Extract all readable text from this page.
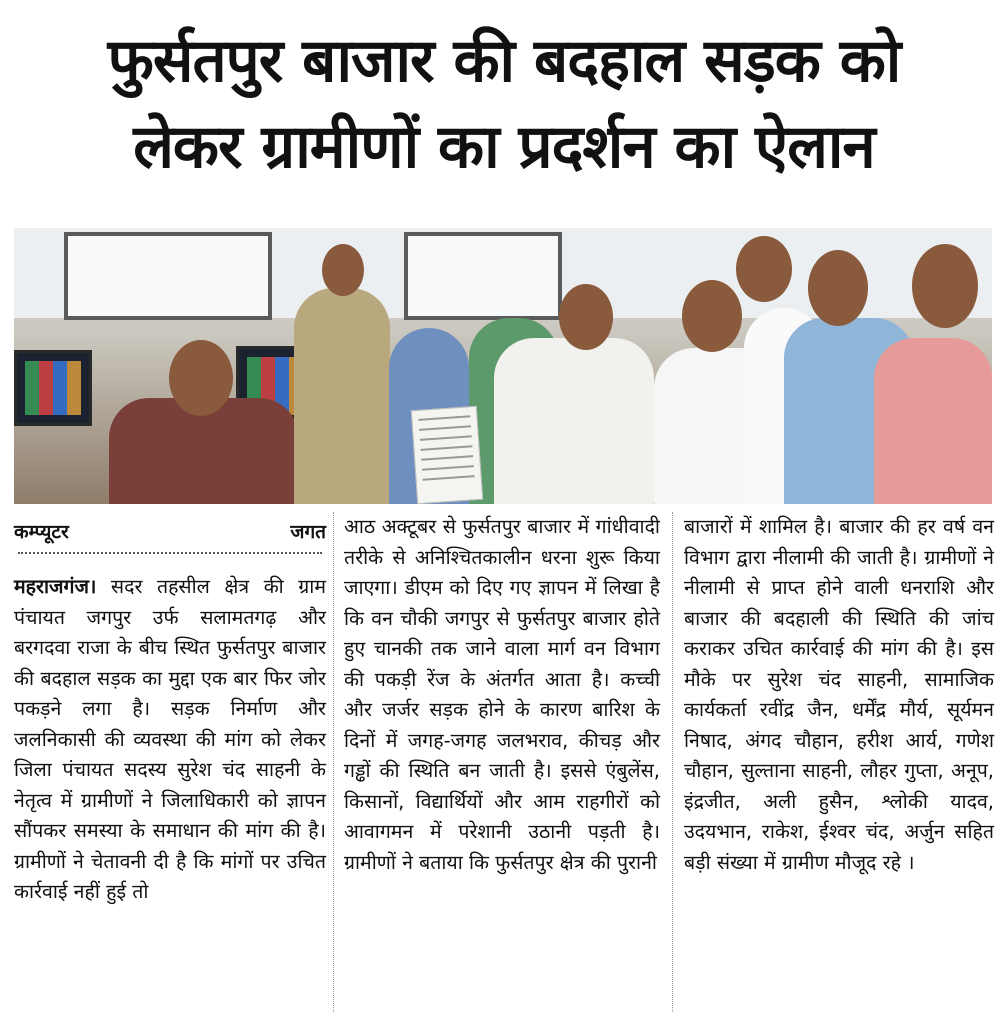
फुर्सतपुर बाजार की बदहाल सड़क को
लेकर ग्रामीणों का प्रदर्शन का ऐलान
कम्प्यूटर जगत

महराजगंज। सदर तहसील क्षेत्र की ग्राम पंचायत जगपुर उर्फ सलामतगढ़ और बरगदवा राजा के बीच स्थित फुर्सतपुर बाजार की बदहाल सड़क का मुद्दा एक बार फिर जोर पकड़ने लगा है। सड़क निर्माण और जलनिकासी की व्यवस्था की मांग को लेकर जिला पंचायत सदस्य सुरेश चंद साहनी के नेतृत्व में ग्रामीणों ने जिलाधिकारी को ज्ञापन सौंपकर समस्या के समाधान की मांग की है। ग्रामीणों ने चेतावनी दी है कि मांगों पर उचित कार्रवाई नहीं हुई तो

आठ अक्टूबर से फुर्सतपुर बाजार में गांधीवादी तरीके से अनिश्चितकालीन धरना शुरू किया जाएगा। डीएम को दिए गए ज्ञापन में लिखा है कि वन चौकी जगपुर से फुर्सतपुर बाजार होते हुए चानकी तक जाने वाला मार्ग वन विभाग की पकड़ी रेंज के अंतर्गत आता है। कच्ची और जर्जर सड़क होने के कारण बारिश के दिनों में जगह-जगह जलभराव, कीचड़ और गड्ढों की स्थिति बन जाती है। इससे एंबुलेंस, किसानों, विद्यार्थियों और आम राहगीरों को आवागमन में परेशानी उठानी पड़ती है। ग्रामीणों ने बताया कि फुर्सतपुर क्षेत्र की पुरानी

बाजारों में शामिल है। बाजार की हर वर्ष वन विभाग द्वारा नीलामी की जाती है। ग्रामीणों ने नीलामी से प्राप्त होने वाली धनराशि और बाजार की बदहाली की स्थिति की जांच कराकर उचित कार्रवाई की मांग की है। इस मौके पर सुरेश चंद साहनी, सामाजिक कार्यकर्ता रवींद्र जैन, धर्मेंद्र मौर्य, सूर्यमन निषाद, अंगद चौहान, हरीश आर्य, गणेश चौहान, सुल्ताना साहनी, लौहर गुप्ता, अनूप, इंद्रजीत, अली हुसैन, श्लोकी यादव, उदयभान, राकेश, ईश्वर चंद, अर्जुन सहित बड़ी संख्या में ग्रामीण मौजूद रहे ।
